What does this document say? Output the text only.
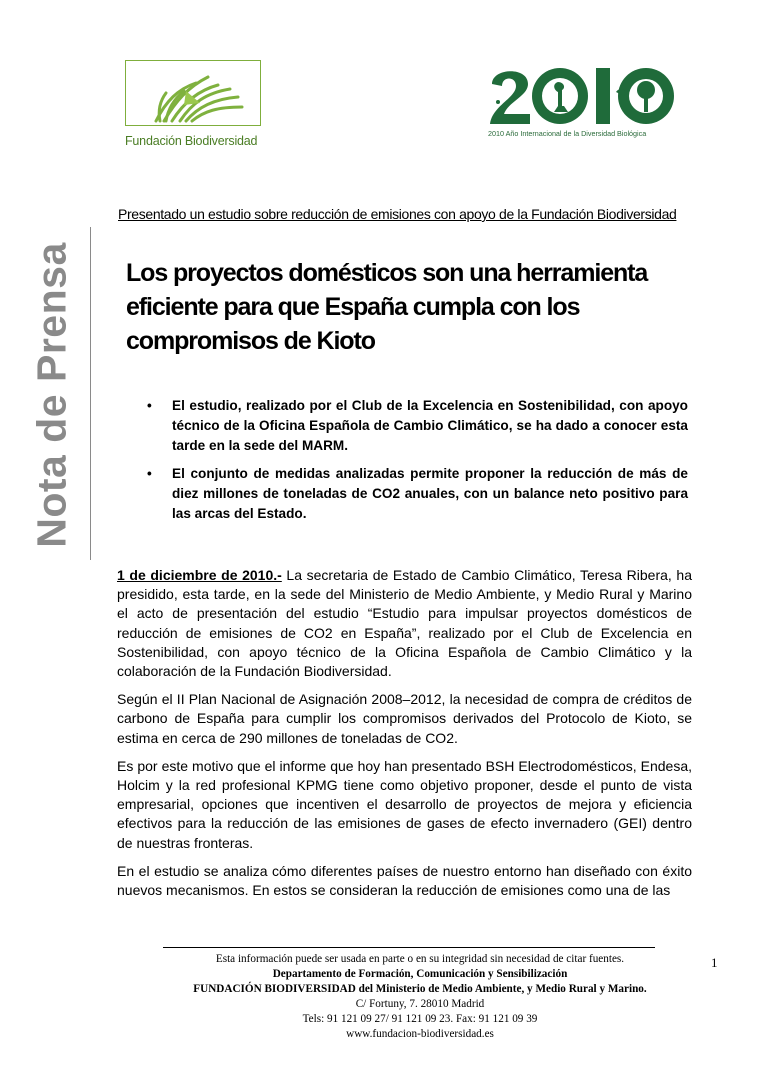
Fundación Biodiversidad
2010 Año Internacional de la Diversidad Biológica
Nota de Prensa
Presentado un estudio sobre reducción de emisiones con apoyo de la Fundación Biodiversidad
Los proyectos domésticos son una herramienta eficiente para que España cumpla con los compromisos de Kioto
• El estudio, realizado por el Club de la Excelencia en Sostenibilidad, con apoyo técnico de la Oficina Española de Cambio Climático, se ha dado a conocer esta tarde en la sede del MARM.
• El conjunto de medidas analizadas permite proponer la reducción de más de diez millones de toneladas de CO2 anuales, con un balance neto positivo para las arcas del Estado.

1 de diciembre de 2010.- La secretaria de Estado de Cambio Climático, Teresa Ribera, ha presidido, esta tarde, en la sede del Ministerio de Medio Ambiente, y Medio Rural y Marino el acto de presentación del estudio “Estudio para impulsar proyectos domésticos de reducción de emisiones de CO2 en España”, realizado por el Club de Excelencia en Sostenibilidad, con apoyo técnico de la Oficina Española de Cambio Climático y la colaboración de la Fundación Biodiversidad.

Según el II Plan Nacional de Asignación 2008–2012, la necesidad de compra de créditos de carbono de España para cumplir los compromisos derivados del Protocolo de Kioto, se estima en cerca de 290 millones de toneladas de CO2.

Es por este motivo que el informe que hoy han presentado BSH Electrodomésticos, Endesa, Holcim y la red profesional KPMG tiene como objetivo proponer, desde el punto de vista empresarial, opciones que incentiven el desarrollo de proyectos de mejora y eficiencia efectivos para la reducción de las emisiones de gases de efecto invernadero (GEI) dentro de nuestras fronteras.

En el estudio se analiza cómo diferentes países de nuestro entorno han diseñado con éxito nuevos mecanismos. En estos se consideran la reducción de emisiones como una de las

Esta información puede ser usada en parte o en su integridad sin necesidad de citar fuentes.
Departamento de Formación, Comunicación y Sensibilización
FUNDACIÓN BIODIVERSIDAD del Ministerio de Medio Ambiente, y Medio Rural y Marino.
C/ Fortuny, 7. 28010 Madrid
Tels: 91 121 09 27/ 91 121 09 23. Fax: 91 121 09 39
www.fundacion-biodiversidad.es
1
